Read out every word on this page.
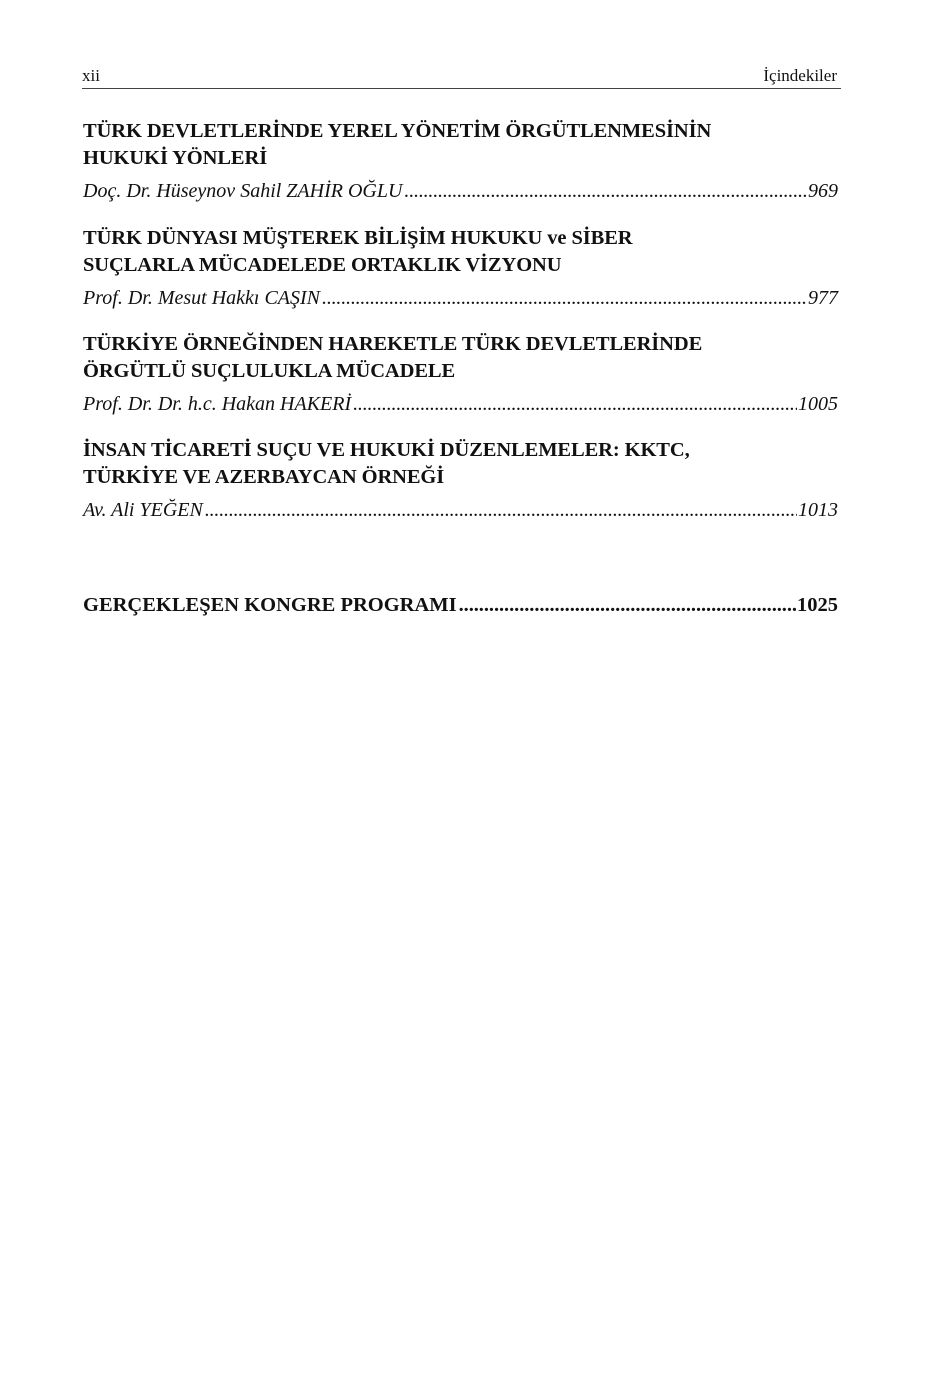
xii	İçindekiler
TÜRK DEVLETLERİNDE YEREL YÖNETİM ÖRGÜTLENMESİNİN
HUKUKİ YÖNLERİ
Doç. Dr. Hüseynov Sahil ZAHİR OĞLU . . .	969
TÜRK DÜNYASI MÜŞTEREK BİLİŞİM HUKUKU ve SİBER
SUÇLARLA MÜCADELEDE ORTAKLIK VİZYONU
Prof. Dr. Mesut Hakkı CAŞIN . . .	977
TÜRKİYE ÖRNEĞİNDEN HAREKETLE TÜRK DEVLETLERİNDE
ÖRGÜTLÜ SUÇLULUKLA MÜCADELE
Prof. Dr. Dr. h.c. Hakan HAKERİ . . .	1005
İNSAN TİCARETİ SUÇU VE HUKUKİ DÜZENLEMELER: KKTC,
TÜRKİYE VE AZERBAYCAN ÖRNEĞİ
Av. Ali YEĞEN . . .	1013
GERÇEKLEŞEN KONGRE PROGRAMI . . .	1025
